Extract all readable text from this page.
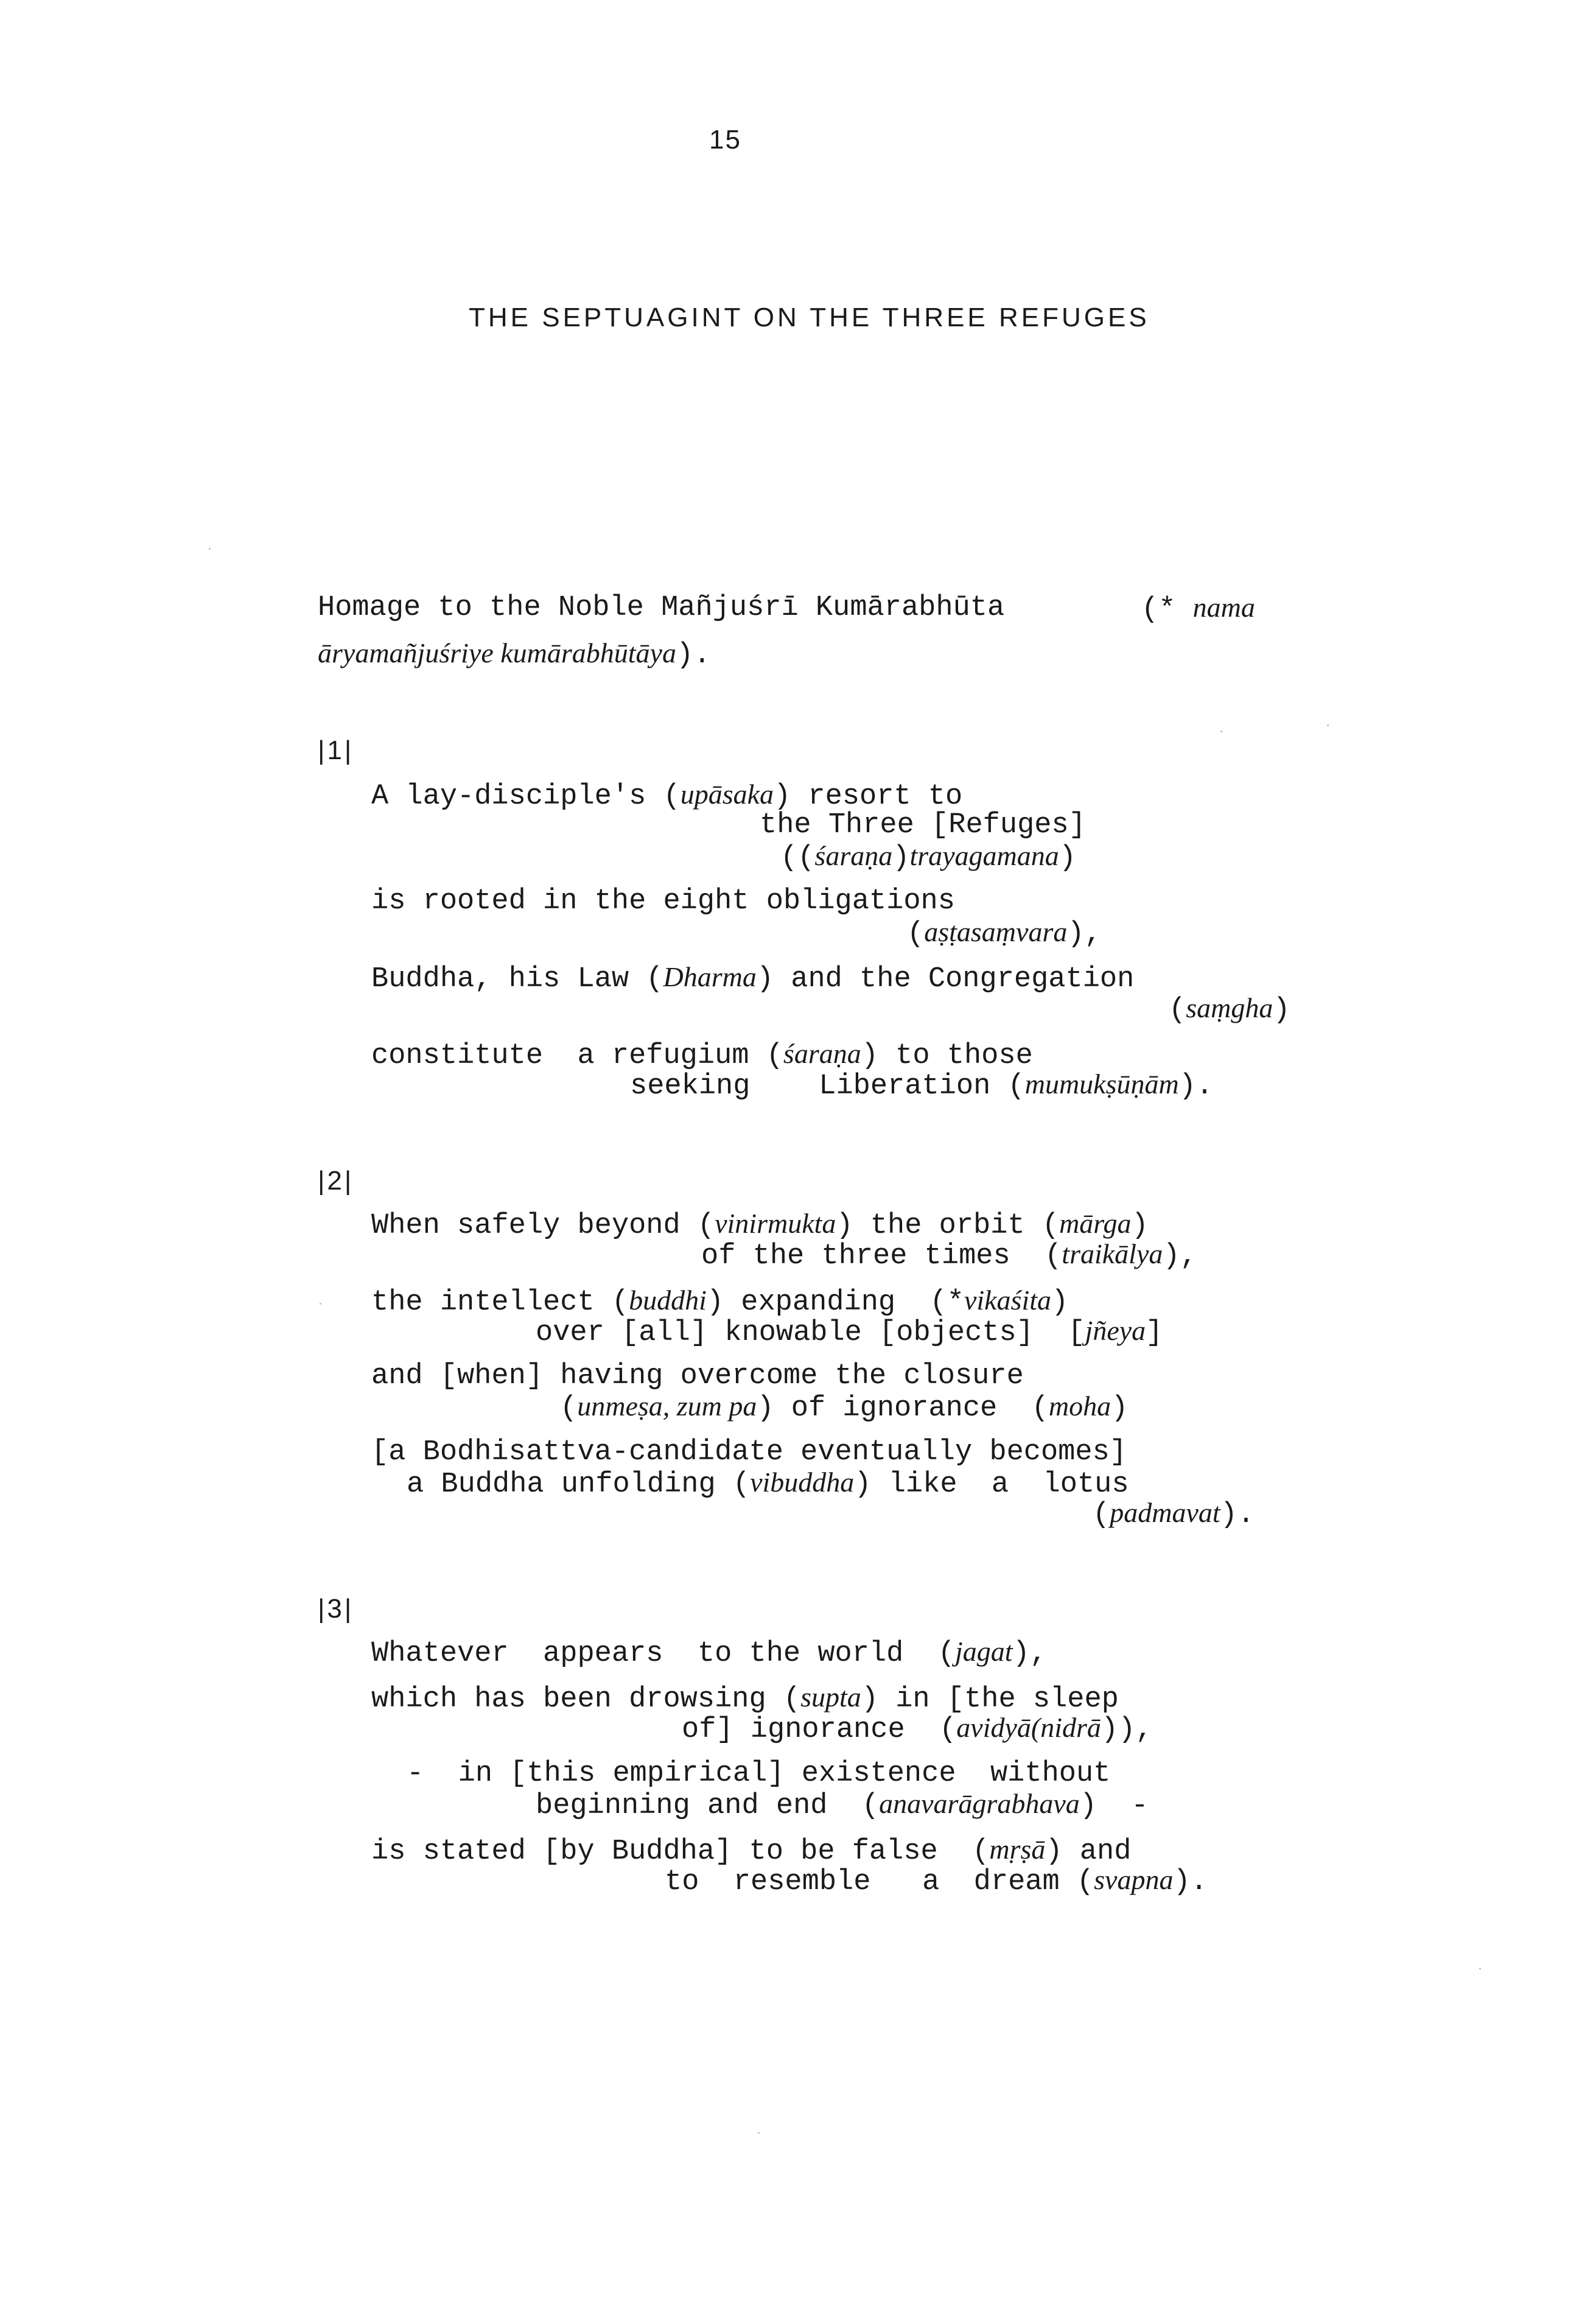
15
THE SEPTUAGINT ON THE THREE REFUGES
Homage to the Noble Mañjuśrī Kumārabhūta	(* nama
āryamañjuśriye kumārabhūtāya).
|1|
A lay-disciple's (upāsaka) resort to
the Three [Refuges]
((śaraṇa)trayagamana)
is rooted in the eight obligations
(aṣṭasaṃvara),
Buddha, his Law (Dharma) and the Congregation
(saṃgha)
constitute  a refugium (śaraṇa) to those
seeking    Liberation (mumukṣūṇām).
|2|
When safely beyond (vinirmukta) the orbit (mārga)
of the three times  (traikālya),
the intellect (buddhi) expanding  (*vikaśita)
over [all] knowable [objects]  [jñeya]
and [when] having overcome the closure
(unmeṣa, zum pa) of ignorance  (moha)
[a Bodhisattva-candidate eventually becomes]
a Buddha unfolding (vibuddha) like  a  lotus
(padmavat).
|3|
Whatever  appears  to the world  (jagat),
which has been drowsing (supta) in [the sleep
of] ignorance  (avidyā(nidrā)),
-  in [this empirical] existence  without
beginning and end  (anavarāgrabhava)  -
is stated [by Buddha] to be false  (mṛṣā) and
to  resemble   a  dream (svapna).
